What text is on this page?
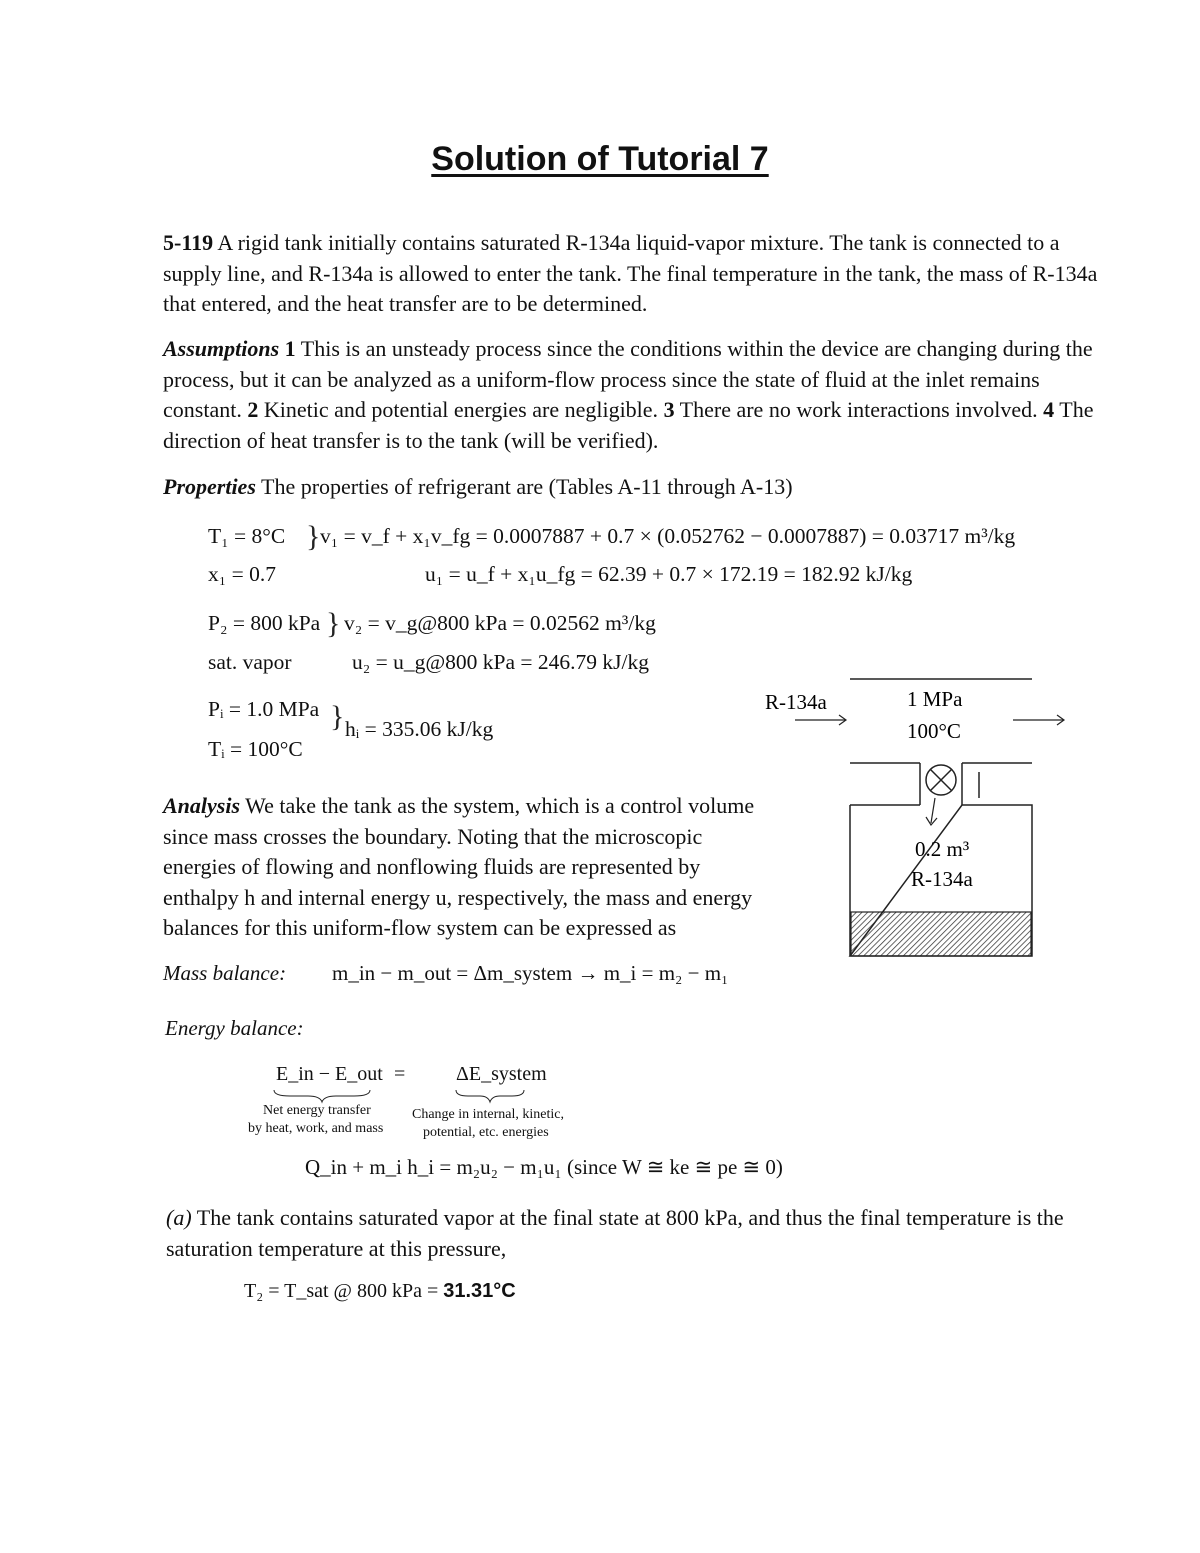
Solution of Tutorial 7
5-119 A rigid tank initially contains saturated R-134a liquid-vapor mixture. The tank is connected to a supply line, and R-134a is allowed to enter the tank. The final temperature in the tank, the mass of R-134a that entered, and the heat transfer are to be determined.
Assumptions 1 This is an unsteady process since the conditions within the device are changing during the process, but it can be analyzed as a uniform-flow process since the state of fluid at the inlet remains constant. 2 Kinetic and potential energies are negligible. 3 There are no work interactions involved. 4 The direction of heat transfer is to the tank (will be verified).
Properties The properties of refrigerant are (Tables A-11 through A-13)
T₁ = 8°C
x₁ = 0.7
} v₁ = v_f + x₁v_fg = 0.0007887 + 0.7 × (0.052762 − 0.0007887) = 0.03717 m³/kg
u₁ = u_f + x₁u_fg = 62.39 + 0.7 × 172.19 = 182.92 kJ/kg
P₂ = 800 kPa
sat. vapor
} v₂ = v_g@800 kPa = 0.02562 m³/kg
u₂ = u_g@800 kPa = 246.79 kJ/kg
Pᵢ = 1.0 MPa
Tᵢ = 100°C
} hᵢ = 335.06 kJ/kg
R-134a	1 MPa
100°C
0.2 m³
R-134a
Analysis We take the tank as the system, which is a control volume since mass crosses the boundary. Noting that the microscopic energies of flowing and nonflowing fluids are represented by enthalpy h and internal energy u, respectively, the mass and energy balances for this uniform-flow system can be expressed as
Mass balance: m_in − m_out = Δm_system → m_i = m₂ − m₁
Energy balance:
E_in − E_out =	ΔE_system
Net energy transfer
by heat, work, and mass
Change in internal, kinetic,
potential, etc. energies
Q_in + m_i h_i = m₂u₂ − m₁u₁ (since W ≅ ke ≅ pe ≅ 0)
(a) The tank contains saturated vapor at the final state at 800 kPa, and thus the final temperature is the saturation temperature at this pressure,
T₂ = T_sat @ 800 kPa = 31.31°C
